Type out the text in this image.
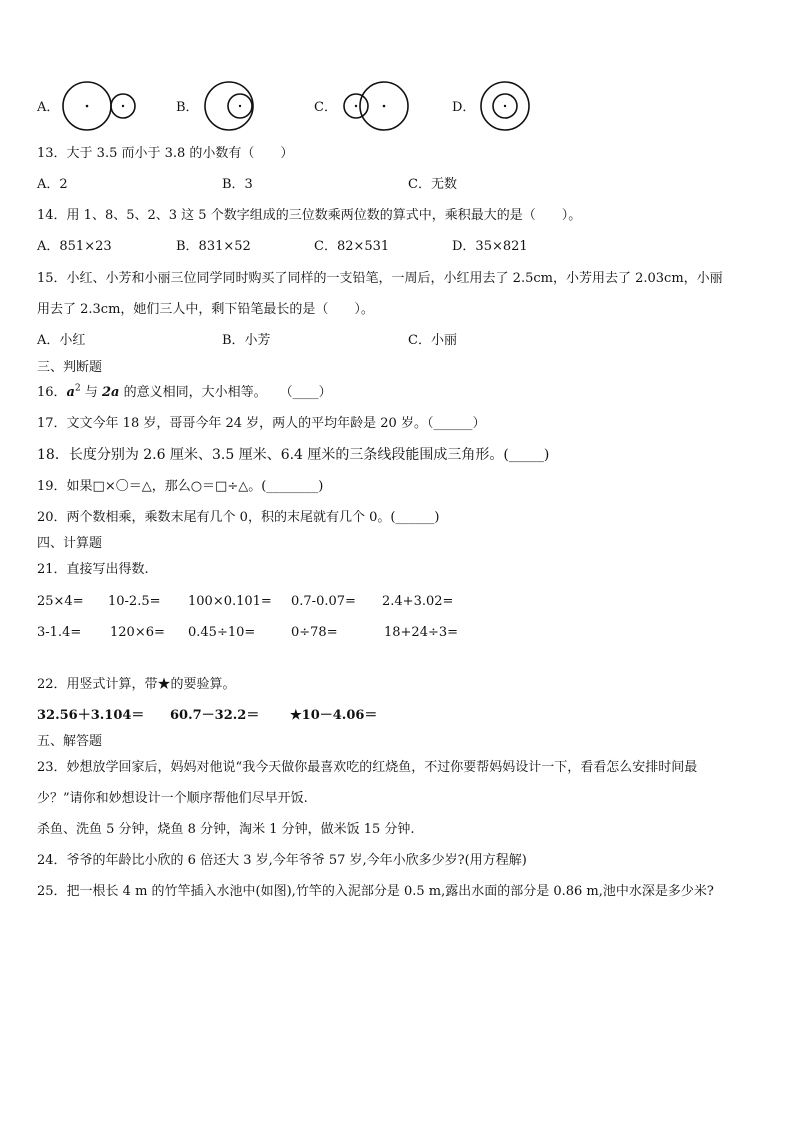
A．	B．	C．	D．
13．大于 3.5 而小于 3.8 的小数有（　　）
A．2	B．3	C．无数
14．用 1、8、5、2、3 这 5 个数字组成的三位数乘两位数的算式中，乘积最大的是（　　）。
A．851×23	B．831×52	C．82×531	D．35×821
15．小红、小芳和小丽三位同学同时购买了同样的一支铅笔，一周后，小红用去了 2.5cm，小芳用去了 2.03cm，小丽
用去了 2.3cm，她们三人中，剩下铅笔最长的是（　　）。
A．小红	B．小芳	C．小丽
三、判断题
16．$a^2$ 与 2a 的意义相同，大小相等。　　（____）
17．文文今年 18 岁，哥哥今年 24 岁，两人的平均年龄是 20 岁。（______）
18．长度分别为 2.6 厘米、3.5 厘米、6.4 厘米的三条线段能围成三角形。(_____)
19．如果□×〇＝△，那么○＝□÷△。(________)
20．两个数相乘，乘数末尾有几个 0，积的末尾就有几个 0。(______)
四、计算题
21．直接写出得数.
25×4= 10-2.5= 100×0.101= 0.7-0.07= 2.4+3.02=
3-1.4= 120×6= 0.45÷10=	0÷78=	18+24÷3=
22．用竖式计算，带★的要验算。
32.56＋3.104＝ 60.7－32.2＝ ★10－4.06＝
五、解答题
23．妙想放学回家后，妈妈对他说“我今天做你最喜欢吃的红烧鱼，不过你要帮妈妈设计一下，看看怎么安排时间最
少？”请你和妙想设计一个顺序帮他们尽早开饭.
杀鱼、洗鱼 5 分钟，烧鱼 8 分钟，淘米 1 分钟，做米饭 15 分钟.
24．爷爷的年龄比小欣的 6 倍还大 3 岁,今年爷爷 57 岁,今年小欣多少岁?(用方程解)
25．把一根长 4 m 的竹竿插入水池中(如图),竹竿的入泥部分是 0.5 m,露出水面的部分是 0.86 m,池中水深是多少米?
